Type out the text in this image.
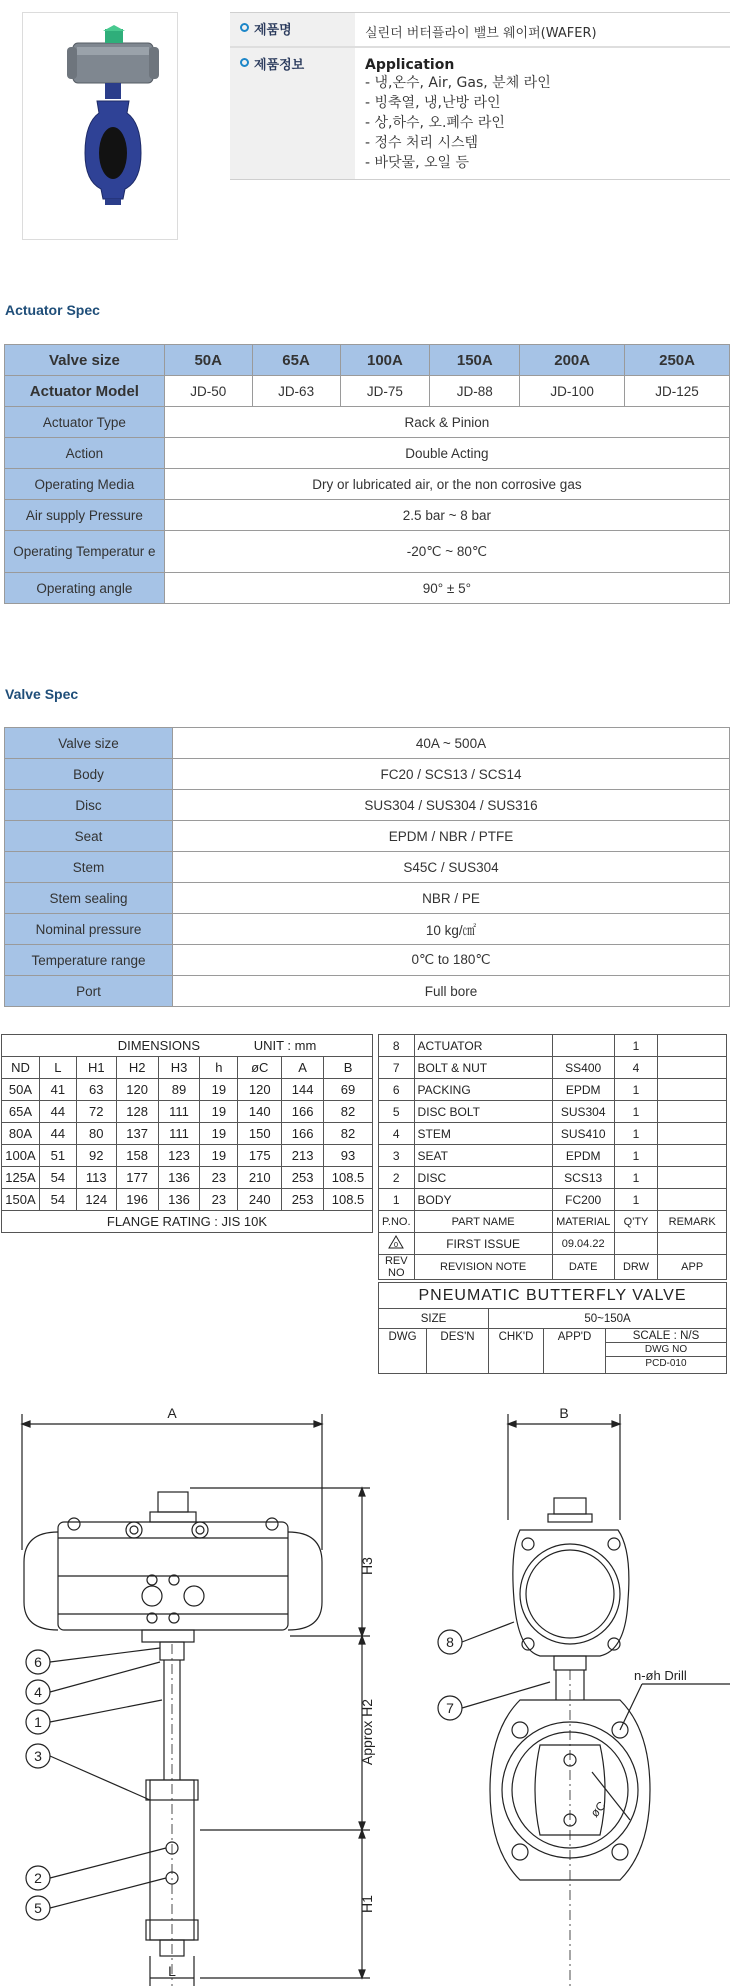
제품명	실린더 버터플라이 밸브 웨이퍼(WAFER)
제품정보	Application
- 냉,온수, Air, Gas, 분체 라인
- 빙축열, 냉,난방 라인
- 상,하수, 오.폐수 라인
- 정수 처리 시스템
- 바닷물, 오일 등
Actuator Spec
Valve size	50A	65A	100A	150A	200A	250A
Actuator Model	JD-50	JD-63	JD-75	JD-88	JD-100	JD-125
Actuator Type	Rack & Pinion					
Action	Double Acting					
Operating Media	Dry or lubricated air, or the non corrosive gas					
Air supply Pressure	2.5 bar ~ 8 bar					
Operating Temperatur e	-20℃ ~ 80℃					
Operating angle	90° ± 5°					
Valve Spec
Valve size	40A ~ 500A
Body	FC20 / SCS13 / SCS14
Disc	SUS304 / SUS304 / SUS316
Seat	EPDM / NBR / PTFE
Stem	S45C / SUS304
Stem sealing	NBR / PE
Nominal pressure	10 kg/㎠
Temperature range	0℃ to 180℃
Port	Full bore
DIMENSIONS UNIT : mm								
ND	L	H1	H2	H3	h	øC	A	B
50A	41	63	120	89	19	120	144	69
65A	44	72	128	111	19	140	166	82
80A	44	80	137	111	19	150	166	82
100A	51	92	158	123	19	175	213	93
125A	54	113	177	136	23	210	253	108.5
150A	54	124	196	136	23	240	253	108.5
FLANGE RATING : JIS 10K								
8	ACTUATOR		1	
7	BOLT & NUT	SS400	4	
6	PACKING	EPDM	1	
5	DISC BOLT	SUS304	1	
4	STEM	SUS410	1	
3	SEAT	EPDM	1	
2	DISC	SCS13	1	
1	BODY	FC200	1	
P.NO.	PART NAME	MATERIAL	Q'TY	REMARK

0	FIRST ISSUE	09.04.22		
REV NO	REVISION NOTE	DATE	DRW	APP
PNEUMATIC BUTTERFLY VALVE
SIZE	50~150A
DWG	DES'N	CHK'D	APP'D	SCALE : N/S
DWG NO
PCD-010
A	B
H3
Approx H2
H1
L
n-øh Drill
øC
6
4
1
3
2
5
8
7
